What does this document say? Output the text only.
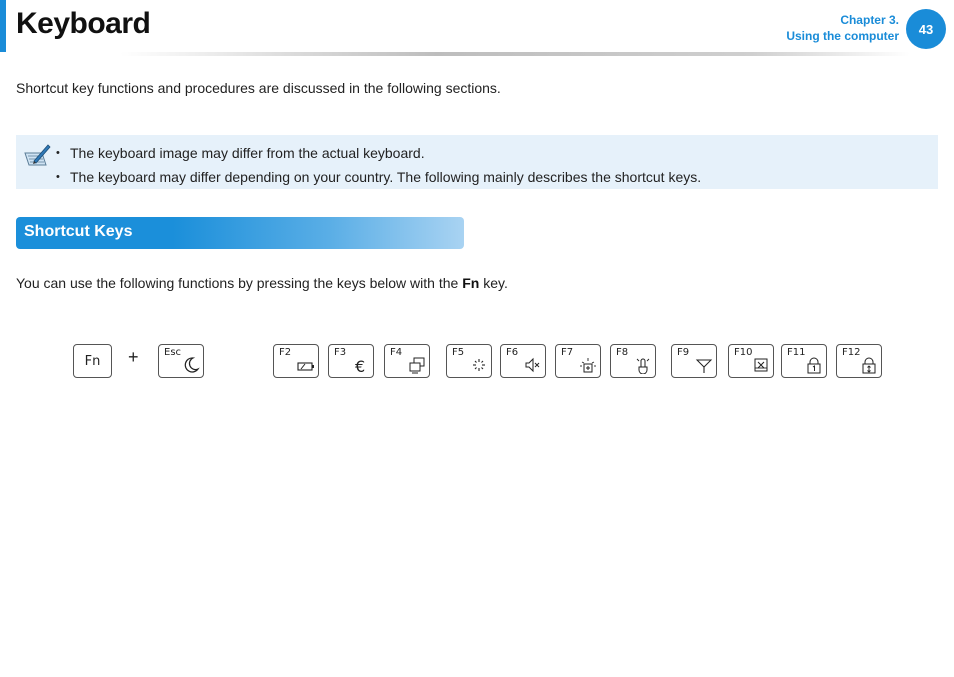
Keyboard	Chapter 3.
Using the computer	43

Shortcut key functions and procedures are discussed in the following sections.

• The keyboard image may differ from the actual keyboard.
• The keyboard may differ depending on your country. The following mainly describes the shortcut keys.
Shortcut Keys

You can use the following functions by pressing the keys below with the Fn key.

Fn	+	Esc	F2	F3
€
F4	F5	F6	F7	F8	F9	F10	F11	F12
